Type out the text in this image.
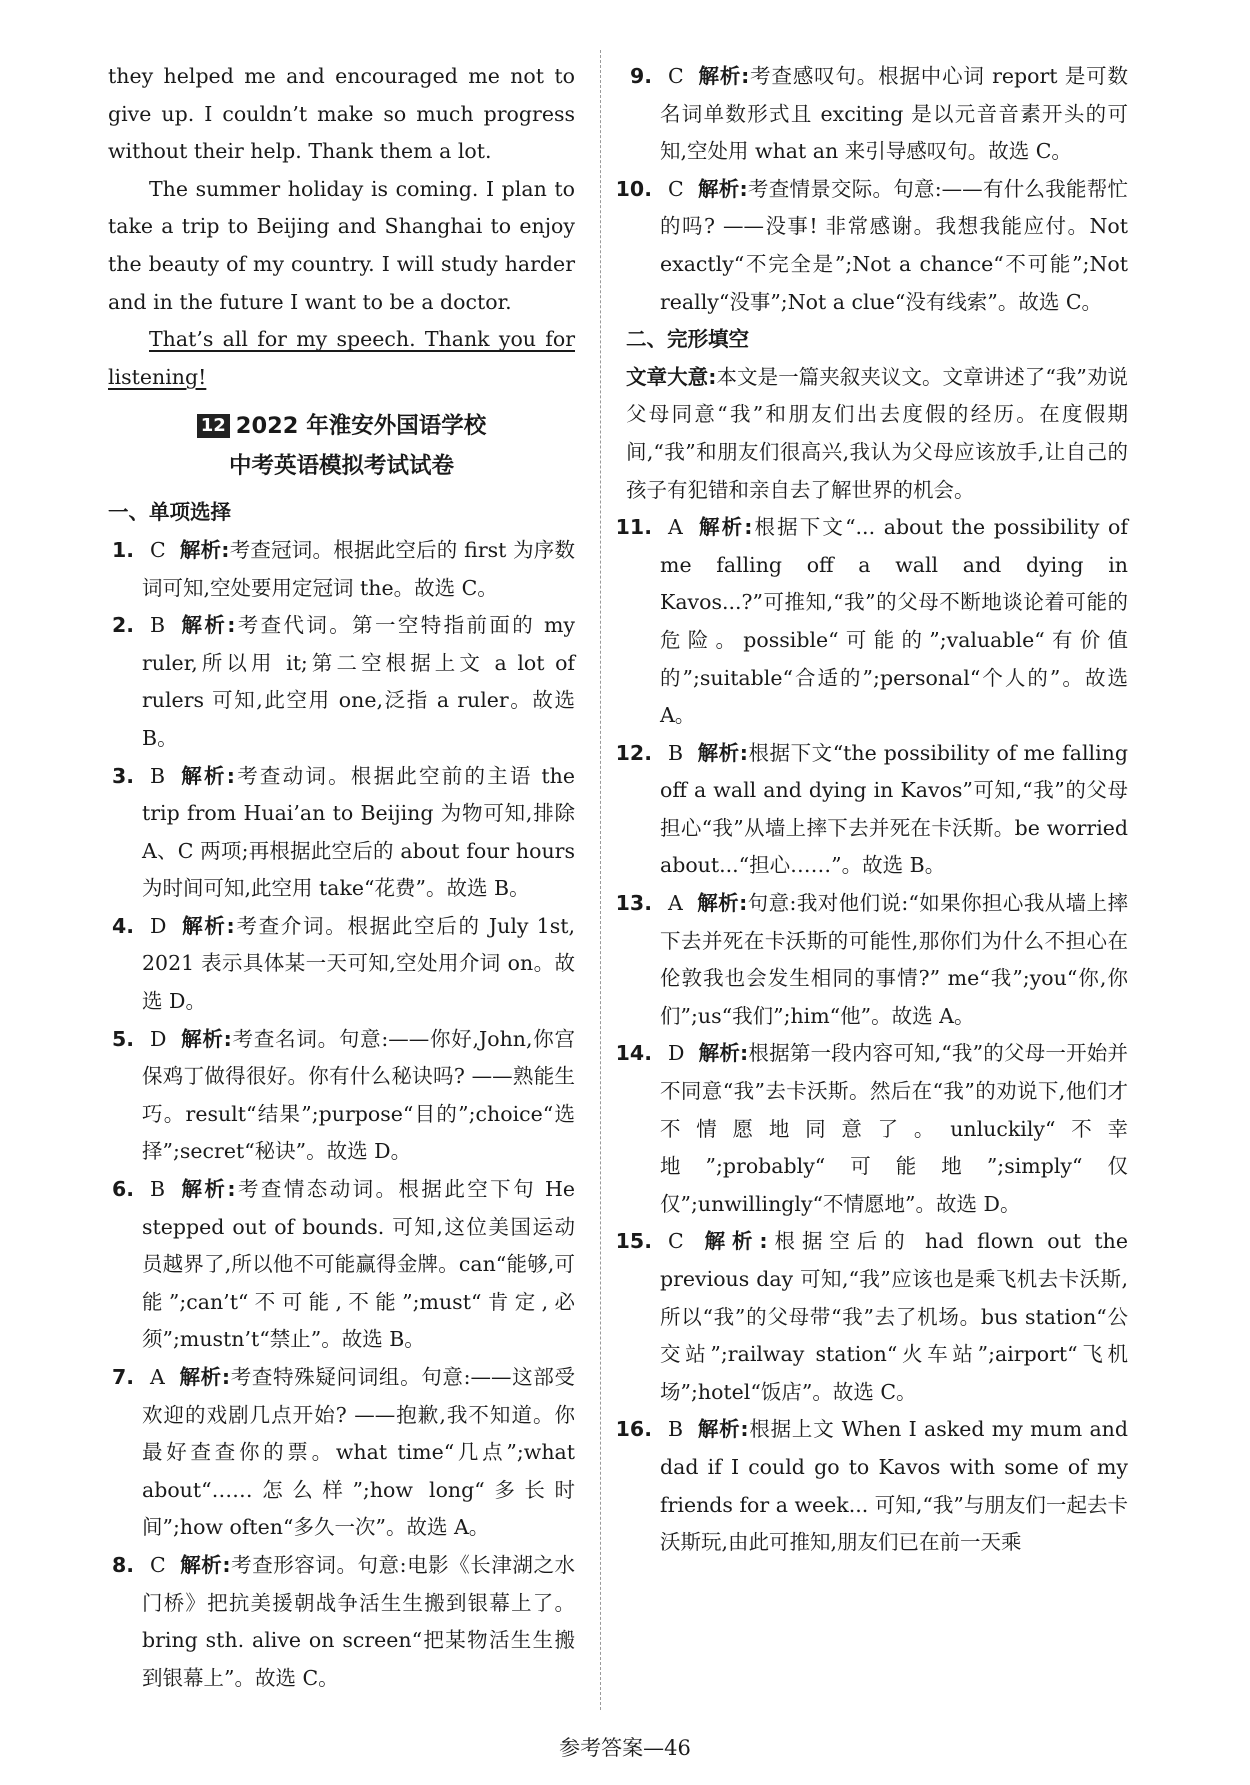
they helped me and encouraged me not to give up. I couldn’t make so much progress without their help. Thank them a lot.

The summer holiday is coming. I plan to take a trip to Beijing and Shanghai to enjoy the beauty of my country. I will study harder and in the future I want to be a doctor.

That’s all for my speech. Thank you for listening!

12 2022 年淮安外国语学校
中考英语模拟考试试卷
一、单项选择
1. C 解析:考查冠词。根据此空后的 first 为序数词可知,空处要用定冠词 the。故选 C。
2. B 解析:考查代词。第一空特指前面的 my ruler,所以用 it;第二空根据上文 a lot of rulers 可知,此空用 one,泛指 a ruler。故选 B。
3. B 解析:考查动词。根据此空前的主语 the trip from Huai’an to Beijing 为物可知,排除 A、C 两项;再根据此空后的 about four hours 为时间可知,此空用 take“花费”。故选 B。
4. D 解析:考查介词。根据此空后的 July 1st, 2021 表示具体某一天可知,空处用介词 on。故选 D。
5. D 解析:考查名词。句意:——你好,John,你宫保鸡丁做得很好。你有什么秘诀吗? ——熟能生巧。result“结果”;purpose“目的”;choice“选择”;secret“秘诀”。故选 D。
6. B 解析:考查情态动词。根据此空下句 He stepped out of bounds. 可知,这位美国运动员越界了,所以他不可能赢得金牌。can“能够,可能”;can’t“不可能,不能”;must“肯定,必须”;mustn’t“禁止”。故选 B。
7. A 解析:考查特殊疑问词组。句意:——这部受欢迎的戏剧几点开始? ——抱歉,我不知道。你最好查查你的票。what time“几点”;what about“……怎么样”;how long“多长时间”;how often“多久一次”。故选 A。
8. C 解析:考查形容词。句意:电影《长津湖之水门桥》把抗美援朝战争活生生搬到银幕上了。bring sth. alive on screen“把某物活生生搬到银幕上”。故选 C。
9. C 解析:考查感叹句。根据中心词 report 是可数名词单数形式且 exciting 是以元音音素开头的可知,空处用 what an 来引导感叹句。故选 C。
10. C 解析:考查情景交际。句意:——有什么我能帮忙的吗? ——没事! 非常感谢。我想我能应付。Not exactly“不完全是”;Not a chance“不可能”;Not really“没事”;Not a clue“没有线索”。故选 C。
二、完形填空

文章大意:本文是一篇夹叙夹议文。文章讲述了“我”劝说父母同意“我”和朋友们出去度假的经历。在度假期间,“我”和朋友们很高兴,我认为父母应该放手,让自己的孩子有犯错和亲自去了解世界的机会。

11. A 解析:根据下文“... about the possibility of me falling off a wall and dying in Kavos...?”可推知,“我”的父母不断地谈论着可能的危险。possible“可能的”;valuable“有价值的”;suitable“合适的”;personal“个人的”。故选 A。
12. B 解析:根据下文“the possibility of me falling off a wall and dying in Kavos”可知,“我”的父母担心“我”从墙上摔下去并死在卡沃斯。be worried about...“担心……”。故选 B。
13. A 解析:句意:我对他们说:“如果你担心我从墙上摔下去并死在卡沃斯的可能性,那你们为什么不担心在伦敦我也会发生相同的事情?” me“我”;you“你,你们”;us“我们”;him“他”。故选 A。
14. D 解析:根据第一段内容可知,“我”的父母一开始并不同意“我”去卡沃斯。然后在“我”的劝说下,他们才不情愿地同意了。unluckily“不幸地”;probably“可能地”;simply“仅仅”;unwillingly“不情愿地”。故选 D。
15. C 解析:根据空后的 had flown out the previous day 可知,“我”应该也是乘飞机去卡沃斯,所以“我”的父母带“我”去了机场。bus station“公交站”;railway station“火车站”;airport“飞机场”;hotel“饭店”。故选 C。
16. B 解析:根据上文 When I asked my mum and dad if I could go to Kavos with some of my friends for a week... 可知,“我”与朋友们一起去卡沃斯玩,由此可推知,朋友们已在前一天乘
参考答案—46
